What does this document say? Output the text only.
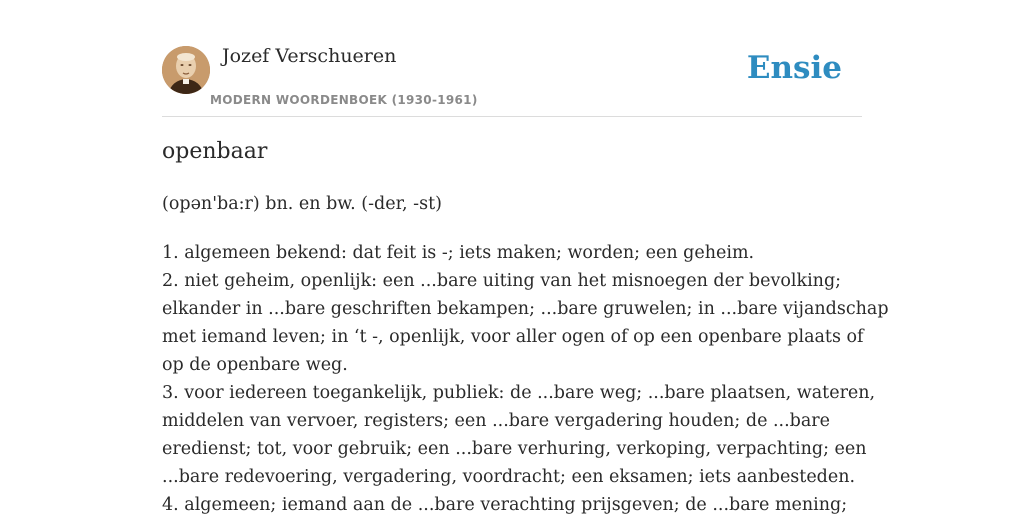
Jozef Verschueren
MODERN WOORDENBOEK (1930-1961)
Ensie
openbaar
(opən'ba:r) bn. en bw. (-der, -st)
1. algemeen bekend: dat feit is -; iets maken; worden; een geheim.
2. niet geheim, openlijk: een ...bare uiting van het misnoegen der bevolking;
elkander in ...bare geschriften bekampen; ...bare gruwelen; in ...bare vijandschap
met iemand leven; in ‘t -, openlijk, voor aller ogen of op een openbare plaats of
op de openbare weg.
3. voor iedereen toegankelijk, publiek: de ...bare weg; ...bare plaatsen, wateren,
middelen van vervoer, registers; een ...bare vergadering houden; de ...bare
eredienst; tot, voor gebruik; een ...bare verhuring, verkoping, verpachting; een
...bare redevoering, vergadering, voordracht; een eksamen; iets aanbesteden.
4. algemeen; iemand aan de ...bare verachting prijsgeven; de ...bare mening;
